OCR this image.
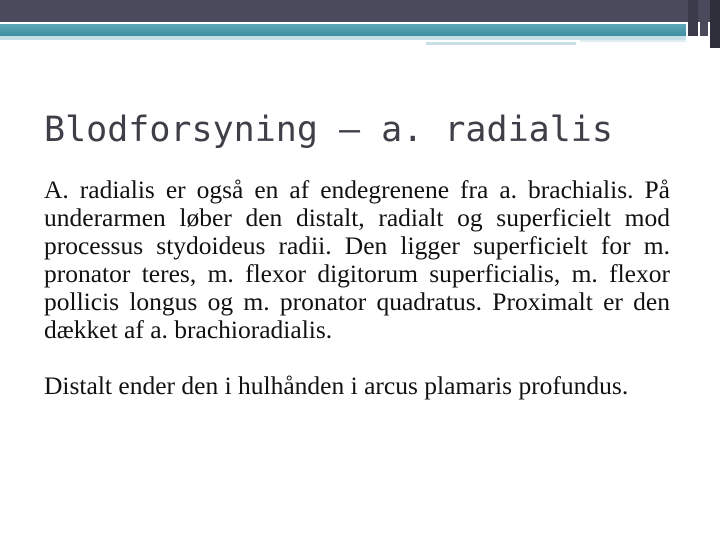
Blodforsyning – a. radialis

A. radialis er også en af endegrenene fra a. brachialis. På underarmen løber den distalt, radialt og superficielt mod processus stydoideus radii. Den ligger superficielt for m. pronator teres, m. flexor digitorum superficialis, m. flexor pollicis longus og m. pronator quadratus. Proximalt er den dækket af a. brachioradialis.

Distalt ender den i hulhånden i arcus plamaris profundus.
